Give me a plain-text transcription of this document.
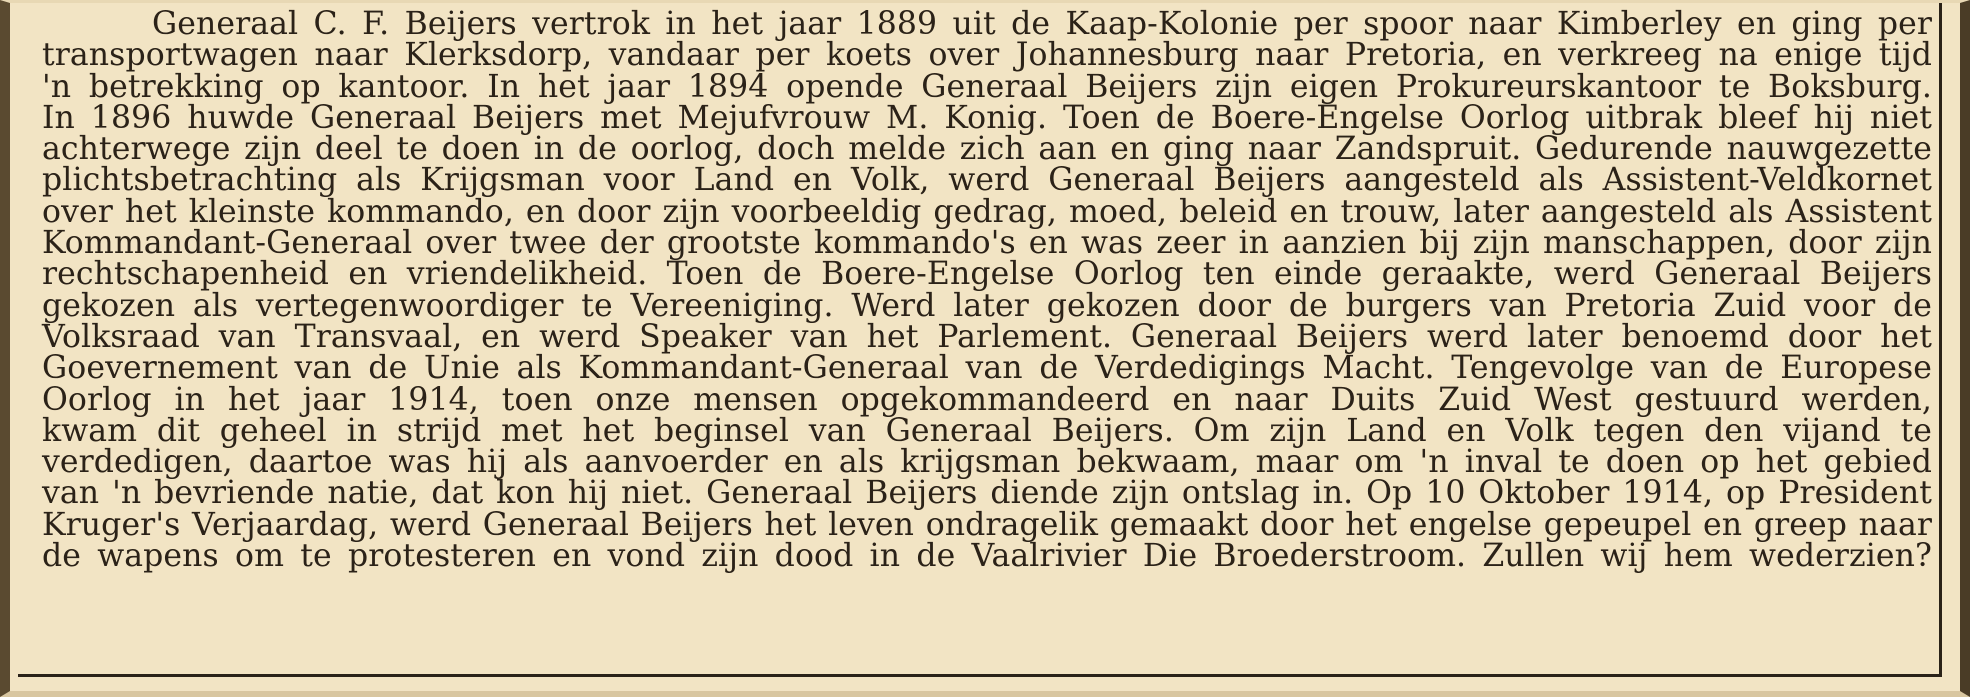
Generaal C. F. Beijers vertrok in het jaar 1889 uit de Kaap-Kolonie per spoor naar Kimberley en ging per
transportwagen naar Klerksdorp, vandaar per koets over Johannesburg naar Pretoria, en verkreeg na enige tijd
'n betrekking op kantoor. In het jaar 1894 opende Generaal Beijers zijn eigen Prokureurskantoor te Boksburg.
In 1896 huwde Generaal Beijers met Mejufvrouw M. Konig. Toen de Boere-Engelse Oorlog uitbrak bleef hij niet
achterwege zijn deel te doen in de oorlog, doch melde zich aan en ging naar Zandspruit. Gedurende nauwgezette
plichtsbetrachting als Krijgsman voor Land en Volk, werd Generaal Beijers aangesteld als Assistent-Veldkornet
over het kleinste kommando, en door zijn voorbeeldig gedrag, moed, beleid en trouw, later aangesteld als Assistent
Kommandant-Generaal over twee der grootste kommando's en was zeer in aanzien bij zijn manschappen, door zijn
rechtschapenheid en vriendelikheid. Toen de Boere-Engelse Oorlog ten einde geraakte, werd Generaal Beijers
gekozen als vertegenwoordiger te Vereeniging. Werd later gekozen door de burgers van Pretoria Zuid voor de
Volksraad van Transvaal, en werd Speaker van het Parlement. Generaal Beijers werd later benoemd door het
Goevernement van de Unie als Kommandant-Generaal van de Verdedigings Macht. Tengevolge van de Europese
Oorlog in het jaar 1914, toen onze mensen opgekommandeerd en naar Duits Zuid West gestuurd werden,
kwam dit geheel in strijd met het beginsel van Generaal Beijers. Om zijn Land en Volk tegen den vijand te
verdedigen, daartoe was hij als aanvoerder en als krijgsman bekwaam, maar om 'n inval te doen op het gebied
van 'n bevriende natie, dat kon hij niet. Generaal Beijers diende zijn ontslag in. Op 10 Oktober 1914, op President
Kruger's Verjaardag, werd Generaal Beijers het leven ondragelik gemaakt door het engelse gepeupel en greep naar
de wapens om te protesteren en vond zijn dood in de Vaalrivier Die Broederstroom. Zullen wij hem wederzien?
